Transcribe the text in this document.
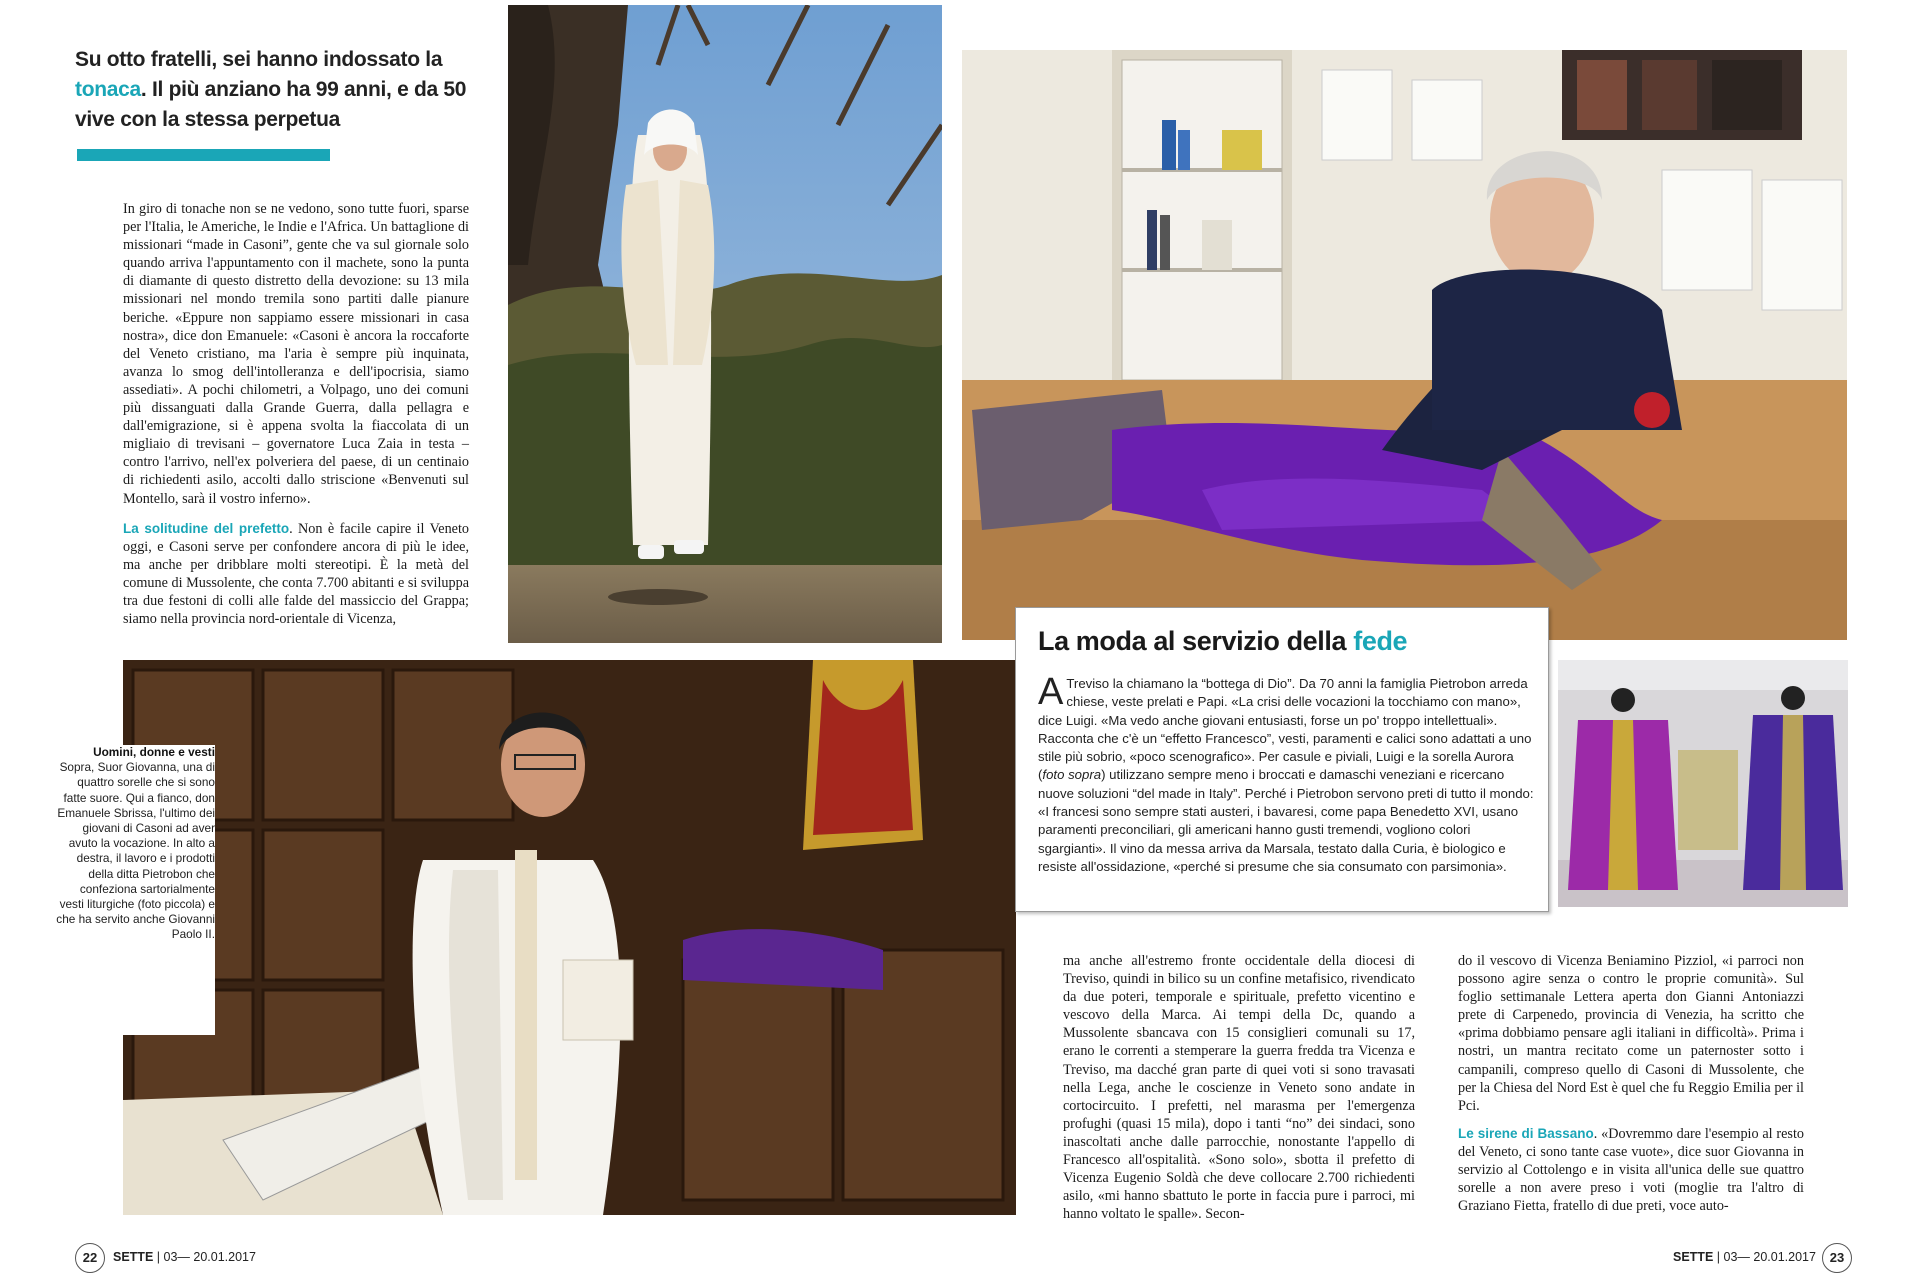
Su otto fratelli, sei hanno indossato la tonaca. Il più anziano ha 99 anni, e da 50 vive con la stessa perpetua

In giro di tonache non se ne vedono, sono tutte fuori, sparse per l'Italia, le Americhe, le Indie e l'Africa. Un battaglione di missionari “made in Casoni”, gente che va sul giornale solo quando arriva l'appuntamento con il machete, sono la punta di diamante di questo distretto della devozione: su 13 mila missionari nel mondo tremila sono partiti dalle pianure beriche. «Eppure non sappiamo essere missionari in casa nostra», dice don Emanuele: «Casoni è ancora la roccaforte del Veneto cristiano, ma l'aria è sempre più inquinata, avanza lo smog dell'intolleranza e dell'ipocrisia, siamo assediati». A pochi chilometri, a Volpago, uno dei comuni più dissanguati dalla Grande Guerra, dalla pellagra e dall'emigrazione, si è appena svolta la fiaccolata di un migliaio di trevisani – governatore Luca Zaia in testa – contro l'arrivo, nell'ex polveriera del paese, di un centinaio di richiedenti asilo, accolti dallo striscione «Benvenuti sul Montello, sarà il vostro inferno».

La solitudine del prefetto. Non è facile capire il Veneto oggi, e Casoni serve per confondere ancora di più le idee, ma anche per dribblare molti stereotipi. È la metà del comune di Mussolente, che conta 7.700 abitanti e si sviluppa tra due festoni di colli alle falde del massiccio del Grappa; siamo nella provincia nord-orientale di Vicenza,

Uomini, donne e vesti
Sopra, Suor Giovanna, una di quattro sorelle che si sono fatte suore. Qui a fianco, don Emanuele Sbrissa, l'ultimo dei giovani di Casoni ad aver avuto la vocazione. In alto a destra, il lavoro e i prodotti della ditta Pietrobon che confeziona sartorialmente vesti liturgiche (foto piccola) e che ha servito anche Giovanni Paolo II.
La moda al servizio della fede
A Treviso la chiamano la “bottega di Dio”. Da 70 anni la famiglia Pietrobon arreda chiese, veste prelati e Papi. «La crisi delle vocazioni la tocchiamo con mano», dice Luigi. «Ma vedo anche giovani entusiasti, forse un po' troppo intellettuali». Racconta che c'è un “effetto Francesco”, vesti, paramenti e calici sono adattati a uno stile più sobrio, «poco scenografico». Per casule e piviali, Luigi e la sorella Aurora (foto sopra) utilizzano sempre meno i broccati e damaschi veneziani e ricercano nuove soluzioni “del made in Italy”. Perché i Pietrobon servono preti di tutto il mondo: «I francesi sono sempre stati austeri, i bavaresi, come papa Benedetto XVI, usano paramenti preconciliari, gli americani hanno gusti tremendi, vogliono colori sgargianti». Il vino da messa arriva da Marsala, testato dalla Curia, è biologico e resiste all'ossidazione, «perché si presume che sia consumato con parsimonia».

ma anche all'estremo fronte occidentale della diocesi di Treviso, quindi in bilico su un confine metafisico, rivendicato da due poteri, temporale e spirituale, prefetto vicentino e vescovo della Marca. Ai tempi della Dc, quando a Mussolente sbancava con 15 consiglieri comunali su 17, erano le correnti a stemperare la guerra fredda tra Vicenza e Treviso, ma dacché gran parte di quei voti si sono travasati nella Lega, anche le coscienze in Veneto sono andate in cortocircuito. I prefetti, nel marasma per l'emergenza profughi (quasi 15 mila), dopo i tanti “no” dei sindaci, sono inascoltati anche dalle parrocchie, nonostante l'appello di Francesco all'ospitalità. «Sono solo», sbotta il prefetto di Vicenza Eugenio Soldà che deve collocare 2.700 richiedenti asilo, «mi hanno sbattuto le porte in faccia pure i parroci, mi hanno voltato le spalle». Secon-

do il vescovo di Vicenza Beniamino Pizziol, «i parroci non possono agire senza o contro le proprie comunità». Sul foglio settimanale Lettera aperta don Gianni Antoniazzi prete di Carpenedo, provincia di Venezia, ha scritto che «prima dobbiamo pensare agli italiani in difficoltà». Prima i nostri, un mantra recitato come un paternoster sotto i campanili, compreso quello di Casoni di Mussolente, che per la Chiesa del Nord Est è quel che fu Reggio Emilia per il Pci.

Le sirene di Bassano. «Dovremmo dare l'esempio al resto del Veneto, ci sono tante case vuote», dice suor Giovanna in servizio al Cottolengo e in visita all'unica delle sue quattro sorelle a non avere preso i voti (moglie tra l'altro di Graziano Fietta, fratello di due preti, voce auto-

22	SETTE | 03— 20.01.2017	SETTE | 03— 20.01.2017	23
